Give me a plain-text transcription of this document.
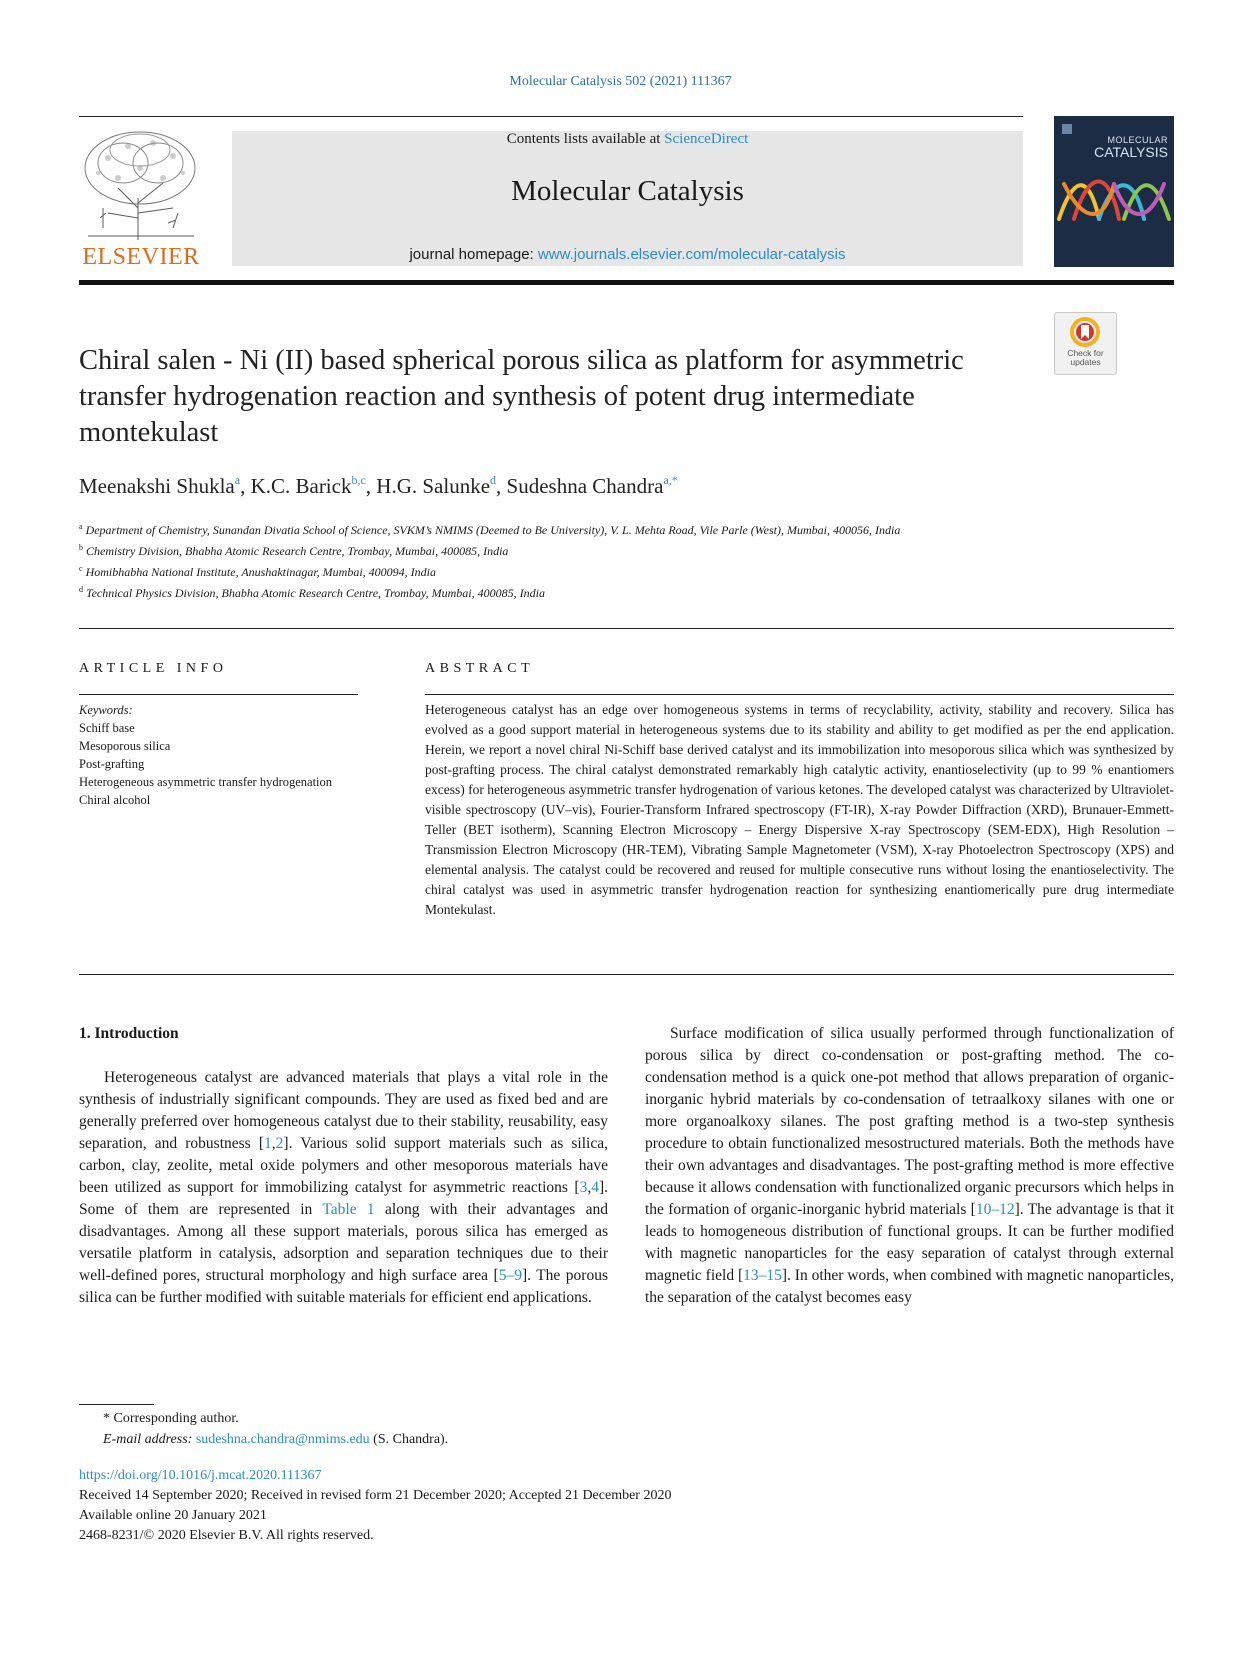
Molecular Catalysis 502 (2021) 111367
ELSEVIER
Contents lists available at ScienceDirect
Molecular Catalysis
journal homepage: www.journals.elsevier.com/molecular-catalysis
MOLECULAR
CATALYSIS
Check for updates
Chiral salen - Ni (II) based spherical porous silica as platform for asymmetric transfer hydrogenation reaction and synthesis of potent drug intermediate montekulast
Meenakshi Shukla$^a$, K.C. Barick$^{b,c}$, H.G. Salunke$^d$, Sudeshna Chandra$^{a,*}$
$^a$ Department of Chemistry, Sunandan Divatia School of Science, SVKM’s NMIMS (Deemed to Be University), V. L. Mehta Road, Vile Parle (West), Mumbai, 400056, India
$^b$ Chemistry Division, Bhabha Atomic Research Centre, Trombay, Mumbai, 400085, India
$^c$ Homibhabha National Institute, Anushaktinagar, Mumbai, 400094, India
$^d$ Technical Physics Division, Bhabha Atomic Research Centre, Trombay, Mumbai, 400085, India
ARTICLE INFO	ABSTRACT
Keywords:
Schiff base
Mesoporous silica
Post-grafting
Heterogeneous asymmetric transfer hydrogenation
Chiral alcohol
Heterogeneous catalyst has an edge over homogeneous systems in terms of recyclability, activity, stability and recovery. Silica has evolved as a good support material in heterogeneous systems due to its stability and ability to get modified as per the end application. Herein, we report a novel chiral Ni-Schiff base derived catalyst and its immobilization into mesoporous silica which was synthesized by post-grafting process. The chiral catalyst demonstrated remarkably high catalytic activity, enantioselectivity (up to 99 % enantiomers excess) for heterogeneous asymmetric transfer hydrogenation of various ketones. The developed catalyst was characterized by Ultraviolet-visible spectroscopy (UV–vis), Fourier-Transform Infrared spectroscopy (FT-IR), X-ray Powder Diffraction (XRD), Brunauer-Emmett-Teller (BET isotherm), Scanning Electron Microscopy – Energy Dispersive X-ray Spectroscopy (SEM-EDX), High Resolution – Transmission Electron Microscopy (HR-TEM), Vibrating Sample Magnetometer (VSM), X-ray Photoelectron Spectroscopy (XPS) and elemental analysis. The catalyst could be recovered and reused for multiple consecutive runs without losing the enantioselectivity. The chiral catalyst was used in asymmetric transfer hydrogenation reaction for synthesizing enantiomerically pure drug intermediate Montekulast.

1. Introduction

Heterogeneous catalyst are advanced materials that plays a vital role in the synthesis of industrially significant compounds. They are used as fixed bed and are generally preferred over homogeneous catalyst due to their stability, reusability, easy separation, and robustness [1,2]. Various solid support materials such as silica, carbon, clay, zeolite, metal oxide polymers and other mesoporous materials have been utilized as support for immobilizing catalyst for asymmetric reactions [3,4]. Some of them are represented in Table 1 along with their advantages and disadvantages. Among all these support materials, porous silica has emerged as versatile platform in catalysis, adsorption and separation techniques due to their well-defined pores, structural morphology and high surface area [5–9]. The porous silica can be further modified with suitable materials for efficient end applications.

Surface modification of silica usually performed through functionalization of porous silica by direct co-condensation or post-grafting method. The co-condensation method is a quick one-pot method that allows preparation of organic-inorganic hybrid materials by co-condensation of tetraalkoxy silanes with one or more organoalkoxy silanes. The post grafting method is a two-step synthesis procedure to obtain functionalized mesostructured materials. Both the methods have their own advantages and disadvantages. The post-grafting method is more effective because it allows condensation with functionalized organic precursors which helps in the formation of organic-inorganic hybrid materials [10–12]. The advantage is that it leads to homogeneous distribution of functional groups. It can be further modified with magnetic nanoparticles for the easy separation of catalyst through external magnetic field [13–15]. In other words, when combined with magnetic nanoparticles, the separation of the catalyst becomes easy

* Corresponding author.
E-mail address: sudeshna.chandra@nmims.edu (S. Chandra).
https://doi.org/10.1016/j.mcat.2020.111367
Received 14 September 2020; Received in revised form 21 December 2020; Accepted 21 December 2020
Available online 20 January 2021
2468-8231/© 2020 Elsevier B.V. All rights reserved.
